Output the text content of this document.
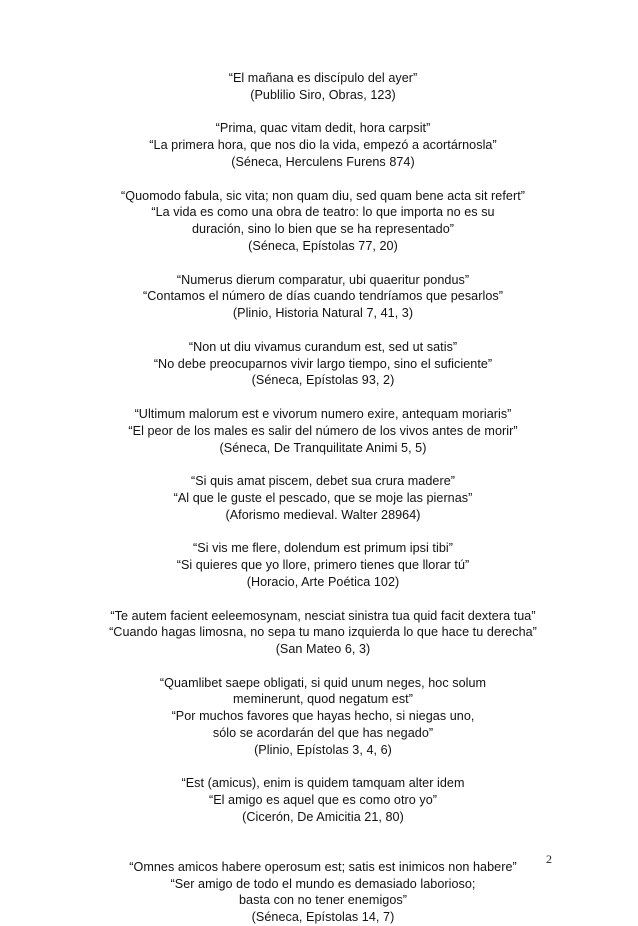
“El mañana es discípulo del ayer”
(Publilio Siro, Obras, 123)
“Prima, quac vitam dedit, hora carpsit”
“La primera hora, que nos dio la vida, empezó a acortárnosla”
(Séneca, Herculens Furens 874)
“Quomodo fabula, sic vita; non quam diu, sed quam bene acta sit refert”
“La vida es como una obra de teatro: lo que importa no es su
duración, sino lo bien que se ha representado”
(Séneca, Epístolas 77, 20)
“Numerus dierum comparatur, ubi quaeritur pondus”
“Contamos el número de días cuando tendríamos que pesarlos”
(Plinio, Historia Natural 7, 41, 3)
“Non ut diu vivamus curandum est, sed ut satis”
“No debe preocuparnos vivir largo tiempo, sino el suficiente”
(Séneca, Epístolas 93, 2)
“Ultimum malorum est e vivorum numero exire, antequam moriaris”
“El peor de los males es salir del número de los vivos antes de morir”
(Séneca, De Tranquilitate Animi 5, 5)
“Si quis amat piscem, debet sua crura madere”
“Al que le guste el pescado, que se moje las piernas”
(Aforismo medieval. Walter 28964)
“Si vis me flere, dolendum est primum ipsi tibi”
“Si quieres que yo llore, primero tienes que llorar tú”
(Horacio, Arte Poética 102)
“Te autem facient eeleemosynam, nesciat sinistra tua quid facit dextera tua”
“Cuando hagas limosna, no sepa tu mano izquierda lo que hace tu derecha”
(San Mateo 6, 3)
“Quamlibet saepe obligati, si quid unum neges, hoc solum
meminerunt, quod negatum est”
“Por muchos favores que hayas hecho, si niegas uno,
sólo se acordarán del que has negado”
(Plinio, Epístolas 3, 4, 6)
“Est (amicus), enim is quidem tamquam alter idem
“El amigo es aquel que es como otro yo”
(Cicerón, De Amicitia 21, 80)
“Omnes amicos habere operosum est; satis est inimicos non habere”
“Ser amigo de todo el mundo es demasiado laborioso;
basta con no tener enemigos”
(Séneca, Epístolas 14, 7)
2
